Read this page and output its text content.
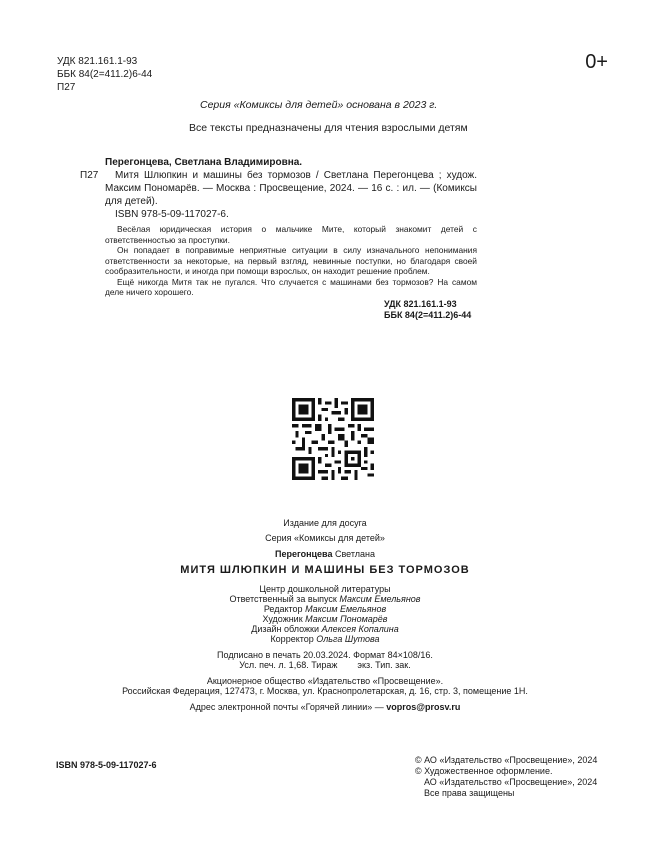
УДК 821.161.1-93
ББК 84(2=411.2)6-44
П27
0+
Серия «Комиксы для детей» основана в 2023 г.
Все тексты предназначены для чтения взрослыми детям
П27

Перегонцева, Светлана Владимировна.

Митя Шлюпкин и машины без тормозов / Светлана Перегонцева ; худож. Максим Пономарёв. — Москва : Просвещение, 2024. — 16 с. : ил. — (Комиксы для детей).

ISBN 978-5-09-117027-6.

Весёлая юридическая история о мальчике Мите, который знакомит детей с ответственностью за проступки.

Он попадает в поправимые неприятные ситуации в силу изначального непонимания ответственности за некоторые, на первый взгляд, невинные поступки, но благодаря своей сообразительности, и иногда при помощи взрослых, он находит решение проблем.

Ещё никогда Митя так не пугался. Что случается с машинами без тормозов? На самом деле ничего хорошего.

УДК 821.161.1-93
ББК 84(2=411.2)6-44
Издание для досуга
Серия «Комиксы для детей»
Перегонцева Светлана
МИТЯ ШЛЮПКИН И МАШИНЫ БЕЗ ТОРМОЗОВ
Центр дошкольной литературы
Ответственный за выпуск Максим Емельянов
Редактор Максим Емельянов
Художник Максим Пономарёв
Дизайн обложки Алексея Копалина
Корректор Ольга Шутова
Подписано в печать 20.03.2024. Формат 84×108/16.
Усл. печ. л. 1,68. Тираж        экз. Тип. зак.
Акционерное общество «Издательство «Просвещение».
Российская Федерация, 127473, г. Москва, ул. Краснопролетарская, д. 16, стр. 3, помещение 1Н.
Адрес электронной почты «Горячей линии» — vopros@prosv.ru
ISBN 978-5-09-117027-6	© АО «Издательство «Просвещение», 2024
© Художественное оформление.
АО «Издательство «Просвещение», 2024
Все права защищены
